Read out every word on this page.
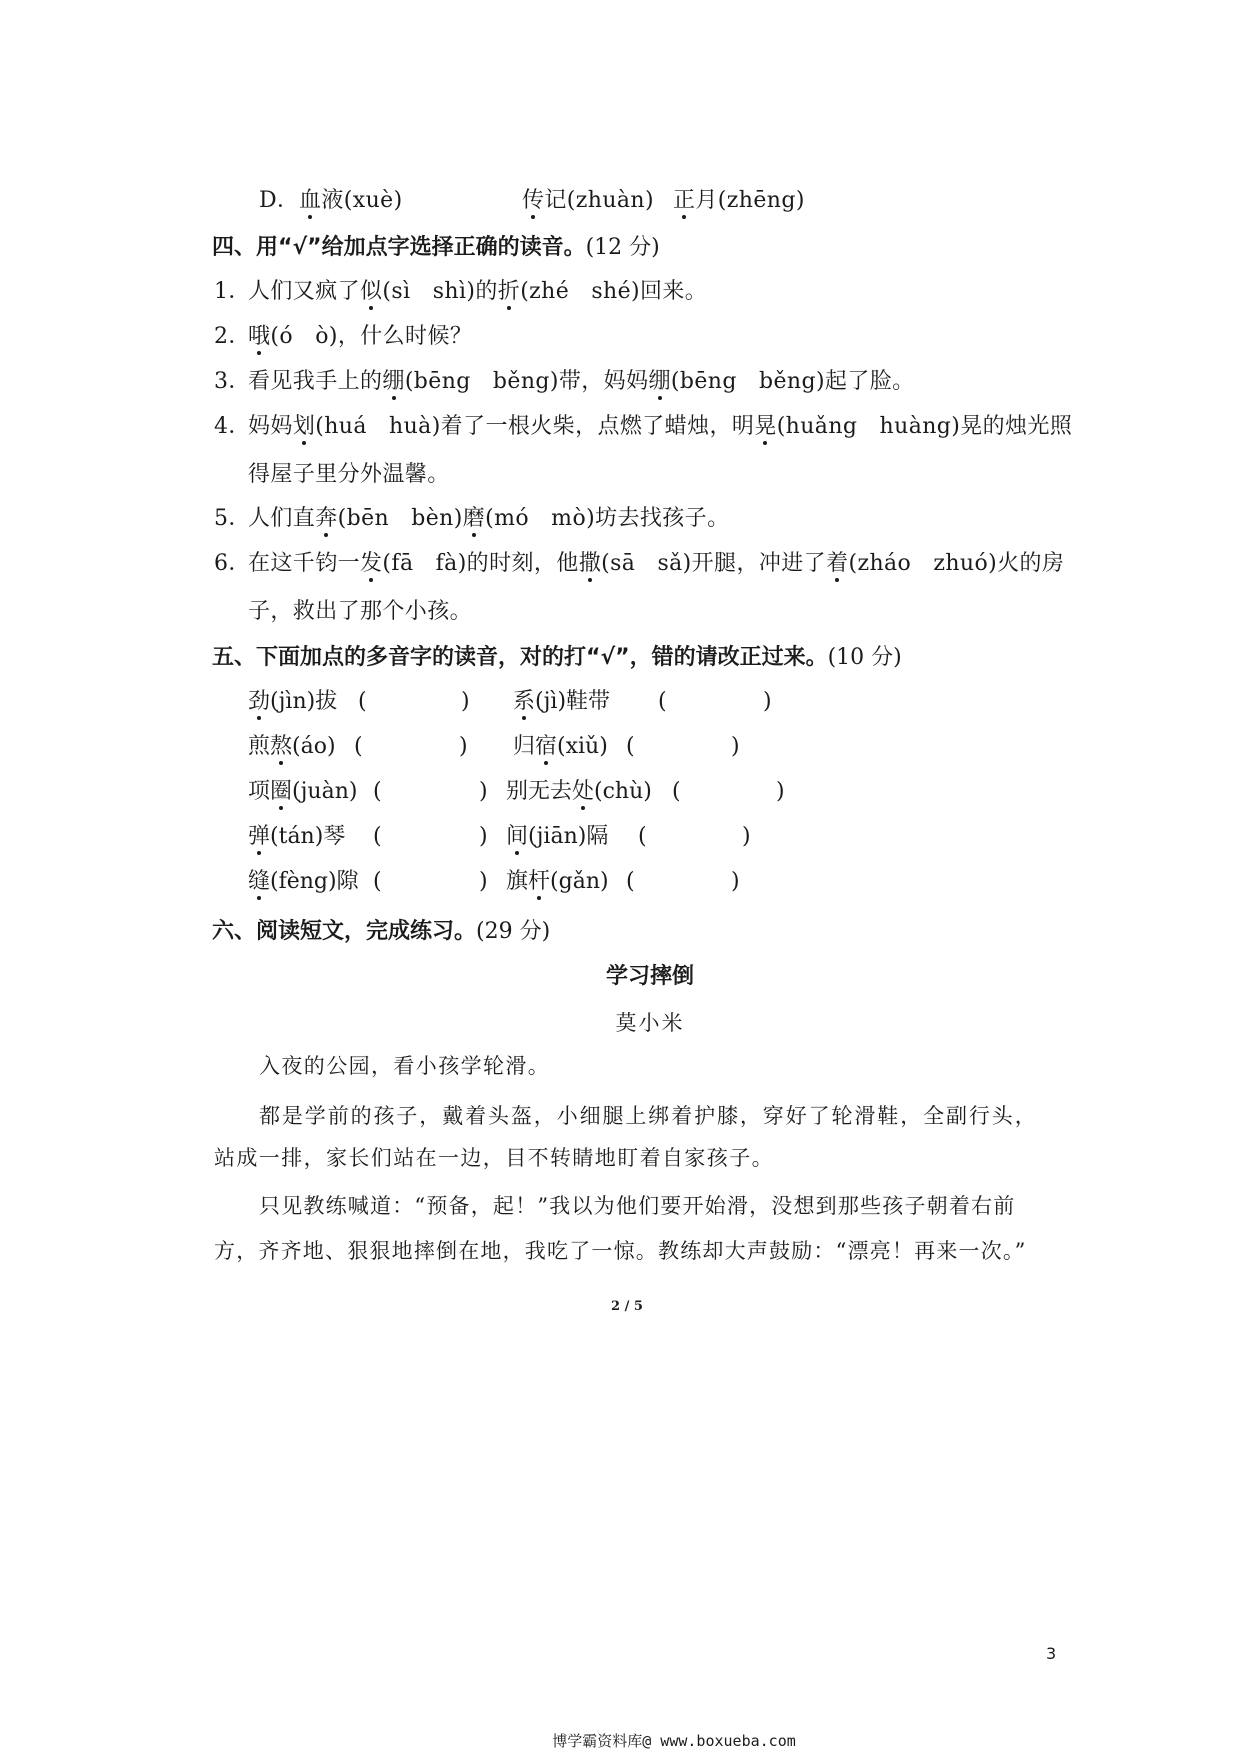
D． 血液(xuè)	传记(zhuàn) 正月(zhēng)
四、用“√”给加点字选择正确的读音。(12 分)
1．人们又疯了似(sì   shì)的折(zhé   shé)回来。
2．哦(ó   ò)，什么时候？
3．看见我手上的绷(bēng   běng)带，妈妈绷(bēng   běng)起了脸。
4．妈妈划(huá   huà)着了一根火柴，点燃了蜡烛，明晃(huǎng   huàng)晃的烛光照
得屋子里分外温馨。
5．人们直奔(bēn   bèn)磨(mó   mò)坊去找孩子。
6．在这千钧一发(fā   fà)的时刻，他撒(sā   sǎ)开腿，冲进了着(zháo   zhuó)火的房
子，救出了那个小孩。
五、下面加点的多音字的读音，对的打“√”，错的请改正过来。(10 分)
劲(jìn)拔 (	) 系(jì)鞋带 (	)
煎熬(áo) (	) 归宿(xiǔ) (	)
项圈(juàn) (	) 别无去处(chù) (	)
弹(tán)琴 (	) 间(jiān)隔 (	)
缝(fèng)隙 (	) 旗杆(gǎn) (	)
六、阅读短文，完成练习。(29 分)
学习摔倒
莫小米
入夜的公园，看小孩学轮滑。
都是学前的孩子，戴着头盔，小细腿上绑着护膝，穿好了轮滑鞋，全副行头，
站成一排，家长们站在一边，目不转睛地盯着自家孩子。
只见教练喊道：“预备，起！”我以为他们要开始滑，没想到那些孩子朝着右前
方，齐齐地、狠狠地摔倒在地，我吃了一惊。教练却大声鼓励：“漂亮！再来一次。”
2 / 5
3
博学霸资料库@ www.boxueba.com
